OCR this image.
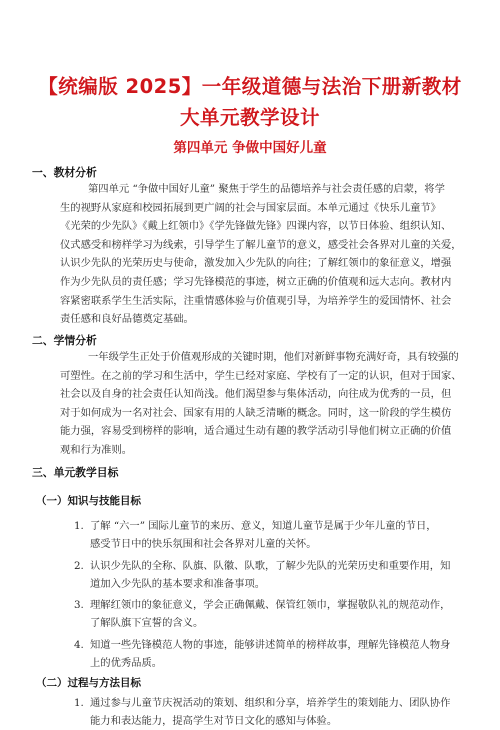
【统编版 2025】一年级道德与法治下册新教材
大单元教学设计
第四单元 争做中国好儿童
一、教材分析
第四单元 “争做中国好儿童” 聚焦于学生的品德培养与社会责任感的启蒙，将学
生的视野从家庭和校园拓展到更广阔的社会与国家层面。本单元通过《快乐儿童节》
《光荣的少先队》《戴上红领巾》《学先锋做先锋》四课内容，以节日体验、组织认知、
仪式感受和榜样学习为线索，引导学生了解儿童节的意义，感受社会各界对儿童的关爱，
认识少先队的光荣历史与使命，激发加入少先队的向往；了解红领巾的象征意义，增强
作为少先队员的责任感；学习先锋模范的事迹，树立正确的价值观和远大志向。教材内
容紧密联系学生生活实际，注重情感体验与价值观引导，为培养学生的爱国情怀、社会
责任感和良好品德奠定基础。
二、学情分析
一年级学生正处于价值观形成的关键时期，他们对新鲜事物充满好奇，具有较强的
可塑性。在之前的学习和生活中，学生已经对家庭、学校有了一定的认识，但对于国家、
社会以及自身的社会责任认知尚浅。他们渴望参与集体活动，向往成为优秀的一员，但
对于如何成为一名对社会、国家有用的人缺乏清晰的概念。同时，这一阶段的学生模仿
能力强，容易受到榜样的影响，适合通过生动有趣的教学活动引导他们树立正确的价值
观和行为准则。
三、单元教学目标
（一）知识与技能目标
1. 了解 “六一” 国际儿童节的来历、意义，知道儿童节是属于少年儿童的节日，
感受节日中的快乐氛围和社会各界对儿童的关怀。
2. 认识少先队的全称、队旗、队徽、队歌，了解少先队的光荣历史和重要作用，知
道加入少先队的基本要求和准备事项。
3. 理解红领巾的象征意义，学会正确佩戴、保管红领巾，掌握敬队礼的规范动作，
了解队旗下宣誓的含义。
4. 知道一些先锋模范人物的事迹，能够讲述简单的榜样故事，理解先锋模范人物身
上的优秀品质。
（二）过程与方法目标
1. 通过参与儿童节庆祝活动的策划、组织和分享，培养学生的策划能力、团队协作
能力和表达能力，提高学生对节日文化的感知与体验。
